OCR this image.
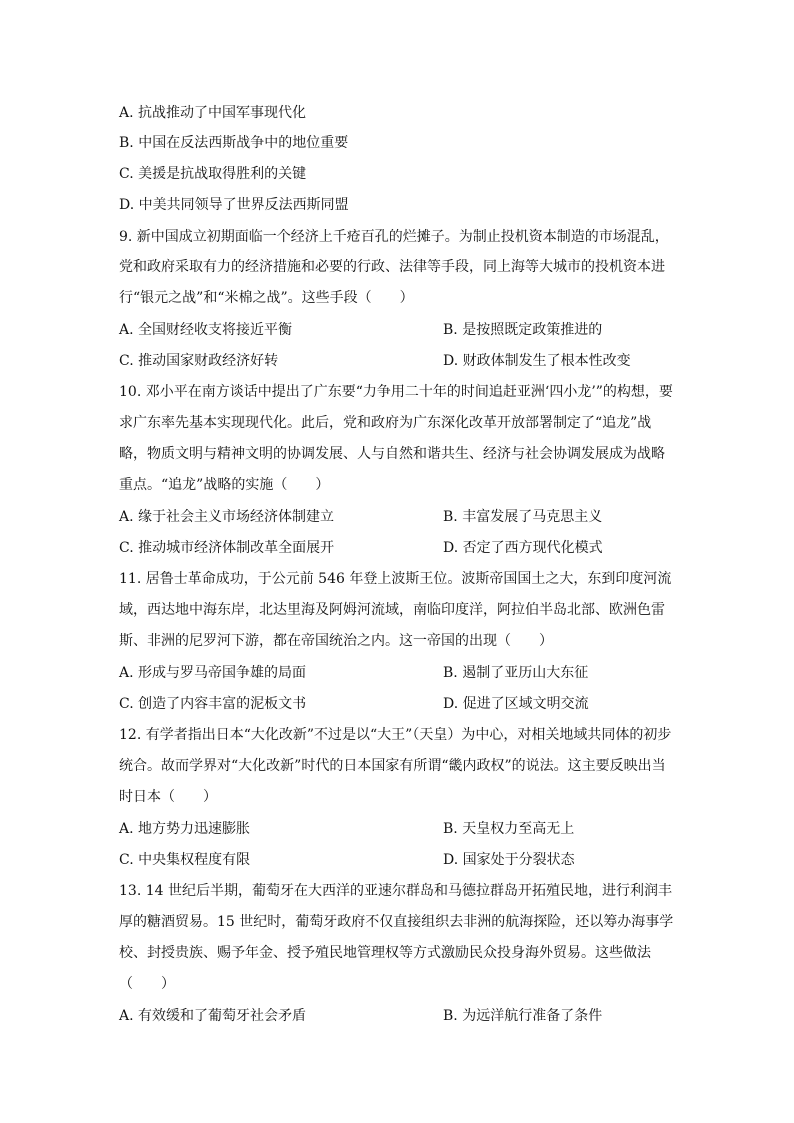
A. 抗战推动了中国军事现代化
B. 中国在反法西斯战争中的地位重要
C. 美援是抗战取得胜利的关键
D. 中美共同领导了世界反法西斯同盟
9. 新中国成立初期面临一个经济上千疮百孔的烂摊子。为制止投机资本制造的市场混乱，
党和政府采取有力的经济措施和必要的行政、法律等手段，同上海等大城市的投机资本进
行“银元之战”和“米棉之战”。这些手段（　　）
A. 全国财经收支将接近平衡	B. 是按照既定政策推进的
C. 推动国家财政经济好转	D. 财政体制发生了根本性改变
10. 邓小平在南方谈话中提出了广东要“力争用二十年的时间追赶亚洲‘四小龙’”的构想，要
求广东率先基本实现现代化。此后，党和政府为广东深化改革开放部署制定了“追龙”战
略，物质文明与精神文明的协调发展、人与自然和谐共生、经济与社会协调发展成为战略
重点。“追龙”战略的实施（　　）
A. 缘于社会主义市场经济体制建立	B. 丰富发展了马克思主义
C. 推动城市经济体制改革全面展开	D. 否定了西方现代化模式
11. 居鲁士革命成功，于公元前 546 年登上波斯王位。波斯帝国国土之大，东到印度河流
域，西达地中海东岸，北达里海及阿姆河流域，南临印度洋，阿拉伯半岛北部、欧洲色雷
斯、非洲的尼罗河下游，都在帝国统治之内。这一帝国的出现（　　）
A. 形成与罗马帝国争雄的局面	B. 遏制了亚历山大东征
C. 创造了内容丰富的泥板文书	D. 促进了区域文明交流
12. 有学者指出日本“大化改新”不过是以“大王”（天皇）为中心，对相关地域共同体的初步
统合。故而学界对“大化改新”时代的日本国家有所谓“畿内政权”的说法。这主要反映出当
时日本（　　）
A. 地方势力迅速膨胀	B. 天皇权力至高无上
C. 中央集权程度有限	D. 国家处于分裂状态
13. 14 世纪后半期，葡萄牙在大西洋的亚速尔群岛和马德拉群岛开拓殖民地，进行利润丰
厚的糖酒贸易。15 世纪时，葡萄牙政府不仅直接组织去非洲的航海探险，还以筹办海事学
校、封授贵族、赐予年金、授予殖民地管理权等方式激励民众投身海外贸易。这些做法
（　　）
A. 有效缓和了葡萄牙社会矛盾	B. 为远洋航行准备了条件
